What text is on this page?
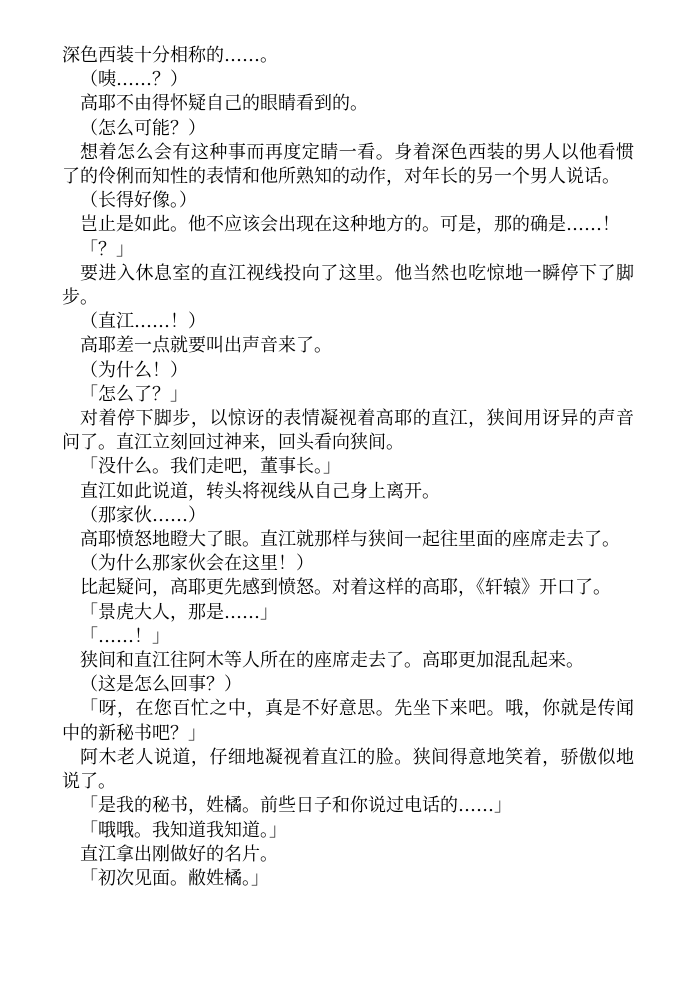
深色西装十分相称的……。

（咦……？）

高耶不由得怀疑自己的眼睛看到的。

（怎么可能？）

想着怎么会有这种事而再度定睛一看。身着深色西装的男人以他看惯了的伶俐而知性的表情和他所熟知的动作，对年长的另一个男人说话。

（长得好像。）

岂止是如此。他不应该会出现在这种地方的。可是，那的确是……！

「？」

要进入休息室的直江视线投向了这里。他当然也吃惊地一瞬停下了脚步。

（直江……！）

高耶差一点就要叫出声音来了。

（为什么！）

「怎么了？」

对着停下脚步，以惊讶的表情凝视着高耶的直江，狭间用讶异的声音问了。直江立刻回过神来，回头看向狭间。

「没什么。我们走吧，董事长。」

直江如此说道，转头将视线从自己身上离开。

（那家伙……）

高耶愤怒地瞪大了眼。直江就那样与狭间一起往里面的座席走去了。

（为什么那家伙会在这里！）

比起疑问，高耶更先感到愤怒。对着这样的高耶，《轩辕》开口了。

「景虎大人，那是……」

「……！」

狭间和直江往阿木等人所在的座席走去了。高耶更加混乱起来。

（这是怎么回事？）

「呀，在您百忙之中，真是不好意思。先坐下来吧。哦，你就是传闻中的新秘书吧？」

阿木老人说道，仔细地凝视着直江的脸。狭间得意地笑着，骄傲似地说了。

「是我的秘书，姓橘。前些日子和你说过电话的……」

「哦哦。我知道我知道。」

直江拿出刚做好的名片。

「初次见面。敝姓橘。」
